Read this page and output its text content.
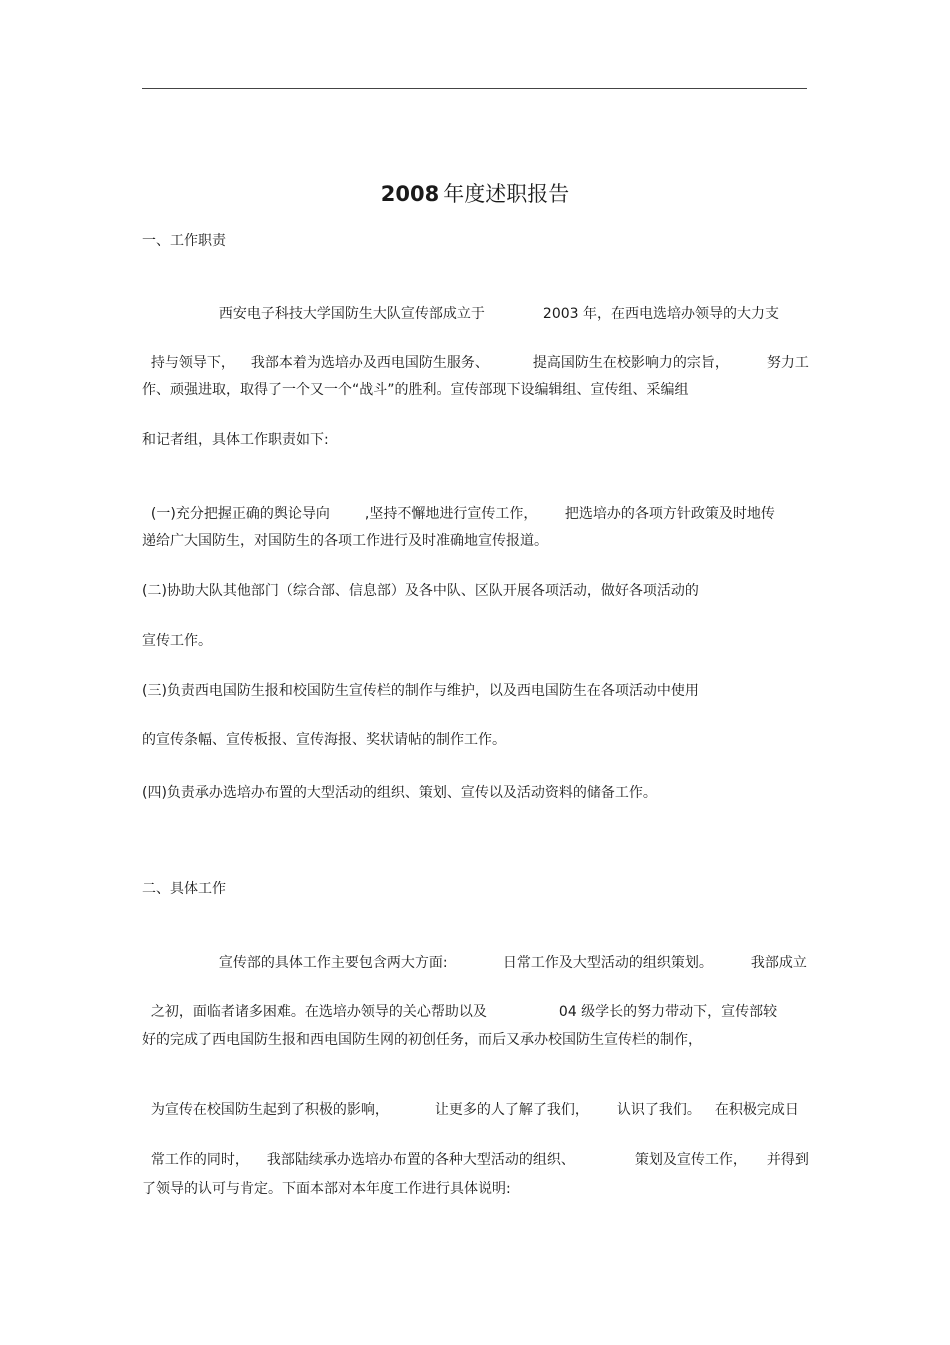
2008 年度述职报告
一、工作职责

西安电子科技大学国防生大队宣传部成立于	2003 年，在西电选培办领导的大力支

持与领导下， 我部本着为选培办及西电国防生服务、	提高国防生在校影响力的宗旨，	努力工

作、顽强进取，取得了一个又一个“战斗”的胜利。宣传部现下设编辑组、宣传组、采编组
和记者组，具体工作职责如下:

(一)充分把握正确的舆论导向	,坚持不懈地进行宣传工作， 把选培办的各项方针政策及时地传

递给广大国防生，对国防生的各项工作进行及时准确地宣传报道。
(二)协助大队其他部门（综合部、信息部）及各中队、区队开展各项活动，做好各项活动的
宣传工作。
(三)负责西电国防生报和校国防生宣传栏的制作与维护，以及西电国防生在各项活动中使用
的宣传条幅、宣传板报、宣传海报、奖状请帖的制作工作。
(四)负责承办选培办布置的大型活动的组织、策划、宣传以及活动资料的储备工作。
二、具体工作

宣传部的具体工作主要包含两大方面:	日常工作及大型活动的组织策划。	我部成立

之初，面临者诸多困难。在选培办领导的关心帮助以及	04 级学长的努力带动下，宣传部较

好的完成了西电国防生报和西电国防生网的初创任务，而后又承办校国防生宣传栏的制作，

为宣传在校国防生起到了积极的影响，	让更多的人了解了我们， 认识了我们。 在积极完成日

常工作的同时， 我部陆续承办选培办布置的各种大型活动的组织、	策划及宣传工作， 并得到

了领导的认可与肯定。下面本部对本年度工作进行具体说明:
